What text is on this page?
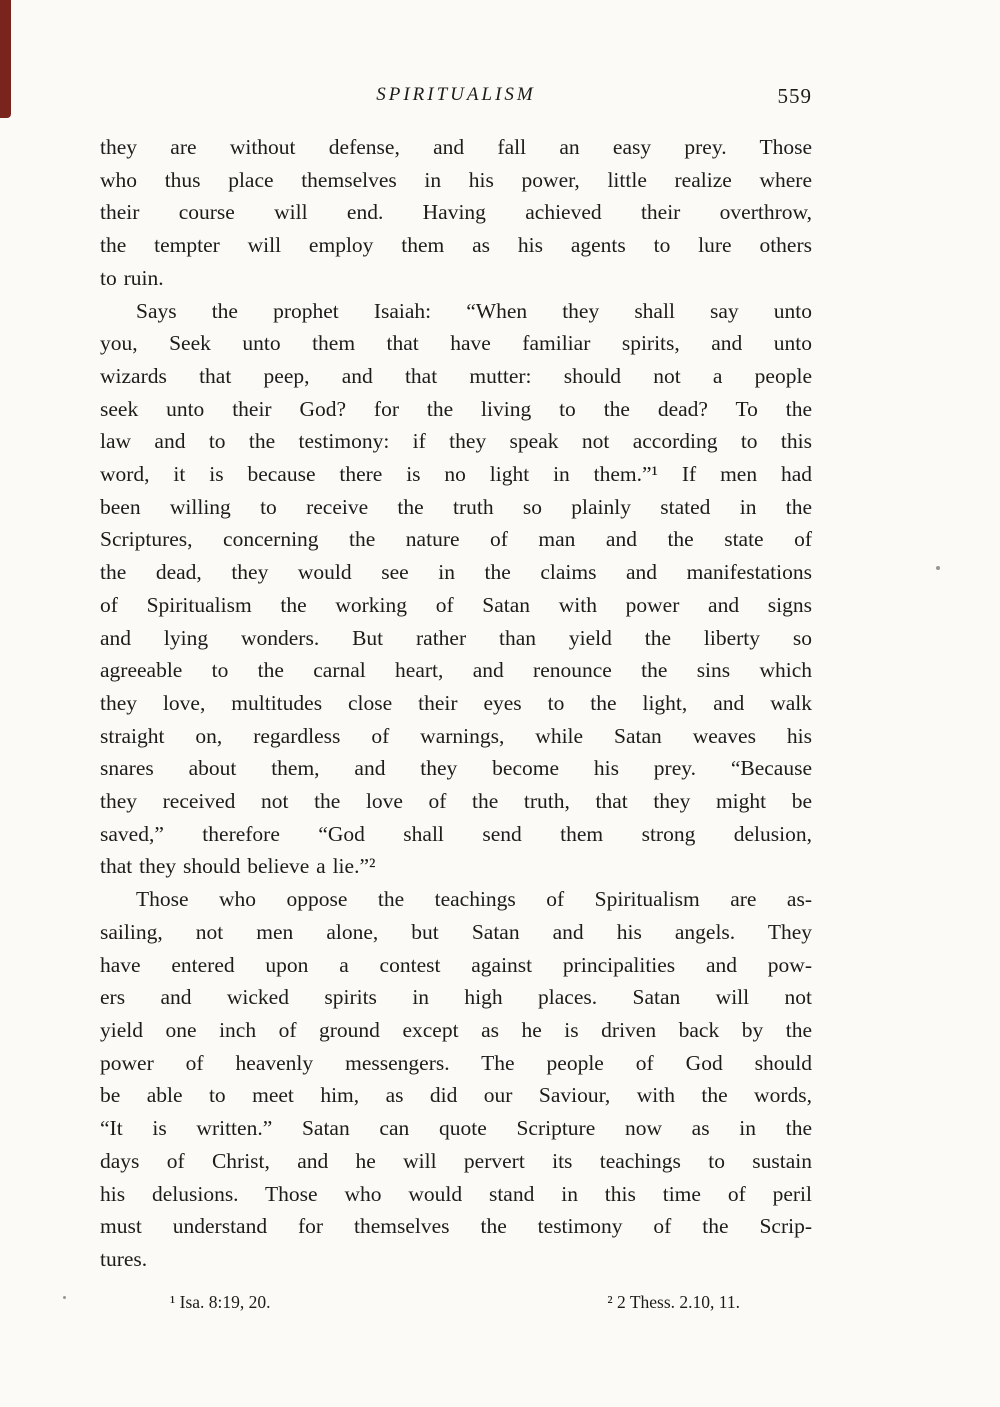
SPIRITUALISM	559
they are without defense, and fall an easy prey. Those
who thus place themselves in his power, little realize where
their course will end. Having achieved their overthrow,
the tempter will employ them as his agents to lure others
to ruin.
Says the prophet Isaiah: “When they shall say unto
you, Seek unto them that have familiar spirits, and unto
wizards that peep, and that mutter: should not a people
seek unto their God? for the living to the dead? To the
law and to the testimony: if they speak not according to this
word, it is because there is no light in them.”¹ If men had
been willing to receive the truth so plainly stated in the
Scriptures, concerning the nature of man and the state of
the dead, they would see in the claims and manifestations
of Spiritualism the working of Satan with power and signs
and lying wonders. But rather than yield the liberty so
agreeable to the carnal heart, and renounce the sins which
they love, multitudes close their eyes to the light, and walk
straight on, regardless of warnings, while Satan weaves his
snares about them, and they become his prey. “Because
they received not the love of the truth, that they might be
saved,” therefore “God shall send them strong delusion,
that they should believe a lie.”²
Those who oppose the teachings of Spiritualism are as-
sailing, not men alone, but Satan and his angels. They
have entered upon a contest against principalities and pow-
ers and wicked spirits in high places. Satan will not
yield one inch of ground except as he is driven back by the
power of heavenly messengers. The people of God should
be able to meet him, as did our Saviour, with the words,
“It is written.” Satan can quote Scripture now as in the
days of Christ, and he will pervert its teachings to sustain
his delusions. Those who would stand in this time of peril
must understand for themselves the testimony of the Scrip-
tures.
¹ Isa. 8:19, 20.	² 2 Thess. 2.10, 11.
